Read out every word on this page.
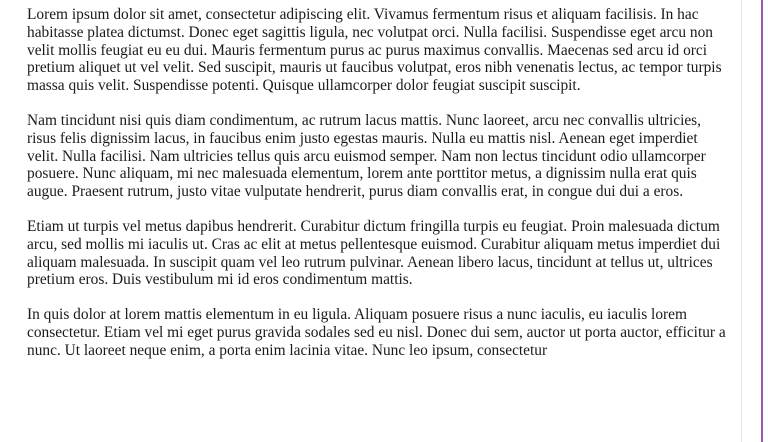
Lorem ipsum dolor sit amet, consectetur adipiscing elit. Vivamus fermentum risus et aliquam facilisis. In hac habitasse platea dictumst. Donec eget sagittis ligula, nec volutpat orci. Nulla facilisi. Suspendisse eget arcu non velit mollis feugiat eu eu dui. Mauris fermentum purus ac purus maximus convallis. Maecenas sed arcu id orci pretium aliquet ut vel velit. Sed suscipit, mauris ut faucibus volutpat, eros nibh venenatis lectus, ac tempor turpis massa quis velit. Suspendisse potenti. Quisque ullamcorper dolor feugiat suscipit suscipit.

Nam tincidunt nisi quis diam condimentum, ac rutrum lacus mattis. Nunc laoreet, arcu nec convallis ultricies, risus felis dignissim lacus, in faucibus enim justo egestas mauris. Nulla eu mattis nisl. Aenean eget imperdiet velit. Nulla facilisi. Nam ultricies tellus quis arcu euismod semper. Nam non lectus tincidunt odio ullamcorper posuere. Nunc aliquam, mi nec malesuada elementum, lorem ante porttitor metus, a dignissim nulla erat quis augue. Praesent rutrum, justo vitae vulputate hendrerit, purus diam convallis erat, in congue dui dui a eros.

Etiam ut turpis vel metus dapibus hendrerit. Curabitur dictum fringilla turpis eu feugiat. Proin malesuada dictum arcu, sed mollis mi iaculis ut. Cras ac elit at metus pellentesque euismod. Curabitur aliquam metus imperdiet dui aliquam malesuada. In suscipit quam vel leo rutrum pulvinar. Aenean libero lacus, tincidunt at tellus ut, ultrices pretium eros. Duis vestibulum mi id eros condimentum mattis.

In quis dolor at lorem mattis elementum in eu ligula. Aliquam posuere risus a nunc iaculis, eu iaculis lorem consectetur. Etiam vel mi eget purus gravida sodales sed eu nisl. Donec dui sem, auctor ut porta auctor, efficitur a nunc. Ut laoreet neque enim, a porta enim lacinia vitae. Nunc leo ipsum, consectetur
